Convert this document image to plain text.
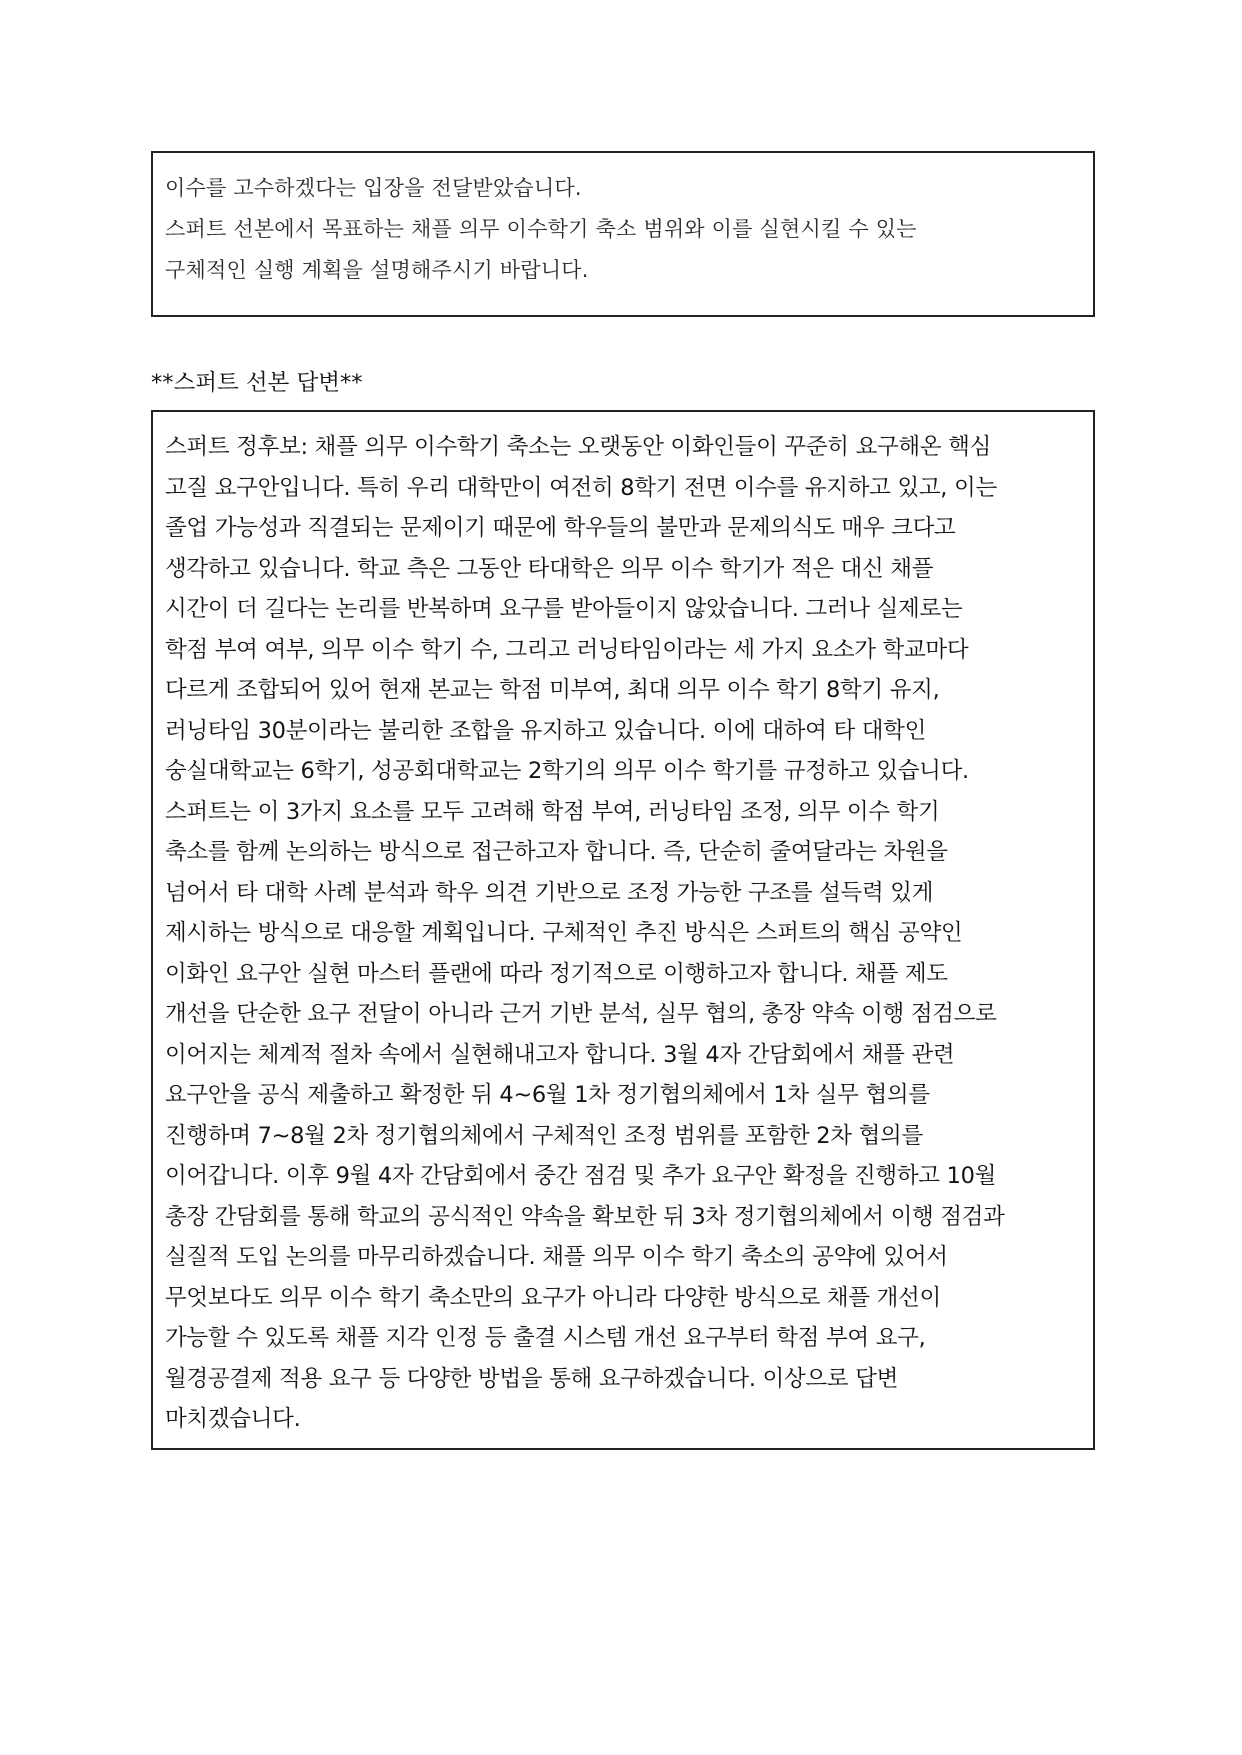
이수를 고수하겠다는 입장을 전달받았습니다.
스퍼트 선본에서 목표하는 채플 의무 이수학기 축소 범위와 이를 실현시킬 수 있는
구체적인 실행 계획을 설명해주시기 바랍니다.
**스퍼트 선본 답변**
스퍼트 정후보: 채플 의무 이수학기 축소는 오랫동안 이화인들이 꾸준히 요구해온 핵심
고질 요구안입니다. 특히 우리 대학만이 여전히 8학기 전면 이수를 유지하고 있고, 이는
졸업 가능성과 직결되는 문제이기 때문에 학우들의 불만과 문제의식도 매우 크다고
생각하고 있습니다. 학교 측은 그동안 타대학은 의무 이수 학기가 적은 대신 채플
시간이 더 길다는 논리를 반복하며 요구를 받아들이지 않았습니다. 그러나 실제로는
학점 부여 여부, 의무 이수 학기 수, 그리고 러닝타임이라는 세 가지 요소가 학교마다
다르게 조합되어 있어 현재 본교는 학점 미부여, 최대 의무 이수 학기 8학기 유지,
러닝타임 30분이라는 불리한 조합을 유지하고 있습니다. 이에 대하여 타 대학인
숭실대학교는 6학기, 성공회대학교는 2학기의 의무 이수 학기를 규정하고 있습니다.
스퍼트는 이 3가지 요소를 모두 고려해 학점 부여, 러닝타임 조정, 의무 이수 학기
축소를 함께 논의하는 방식으로 접근하고자 합니다. 즉, 단순히 줄여달라는 차원을
넘어서 타 대학 사례 분석과 학우 의견 기반으로 조정 가능한 구조를 설득력 있게
제시하는 방식으로 대응할 계획입니다. 구체적인 추진 방식은 스퍼트의 핵심 공약인
이화인 요구안 실현 마스터 플랜에 따라 정기적으로 이행하고자 합니다. 채플 제도
개선을 단순한 요구 전달이 아니라 근거 기반 분석, 실무 협의, 총장 약속 이행 점검으로
이어지는 체계적 절차 속에서 실현해내고자 합니다. 3월 4자 간담회에서 채플 관련
요구안을 공식 제출하고 확정한 뒤 4~6월 1차 정기협의체에서 1차 실무 협의를
진행하며 7~8월 2차 정기협의체에서 구체적인 조정 범위를 포함한 2차 협의를
이어갑니다. 이후 9월 4자 간담회에서 중간 점검 및 추가 요구안 확정을 진행하고 10월
총장 간담회를 통해 학교의 공식적인 약속을 확보한 뒤 3차 정기협의체에서 이행 점검과
실질적 도입 논의를 마무리하겠습니다. 채플 의무 이수 학기 축소의 공약에 있어서
무엇보다도 의무 이수 학기 축소만의 요구가 아니라 다양한 방식으로 채플 개선이
가능할 수 있도록 채플 지각 인정 등 출결 시스템 개선 요구부터 학점 부여 요구,
월경공결제 적용 요구 등 다양한 방법을 통해 요구하겠습니다. 이상으로 답변
마치겠습니다.
